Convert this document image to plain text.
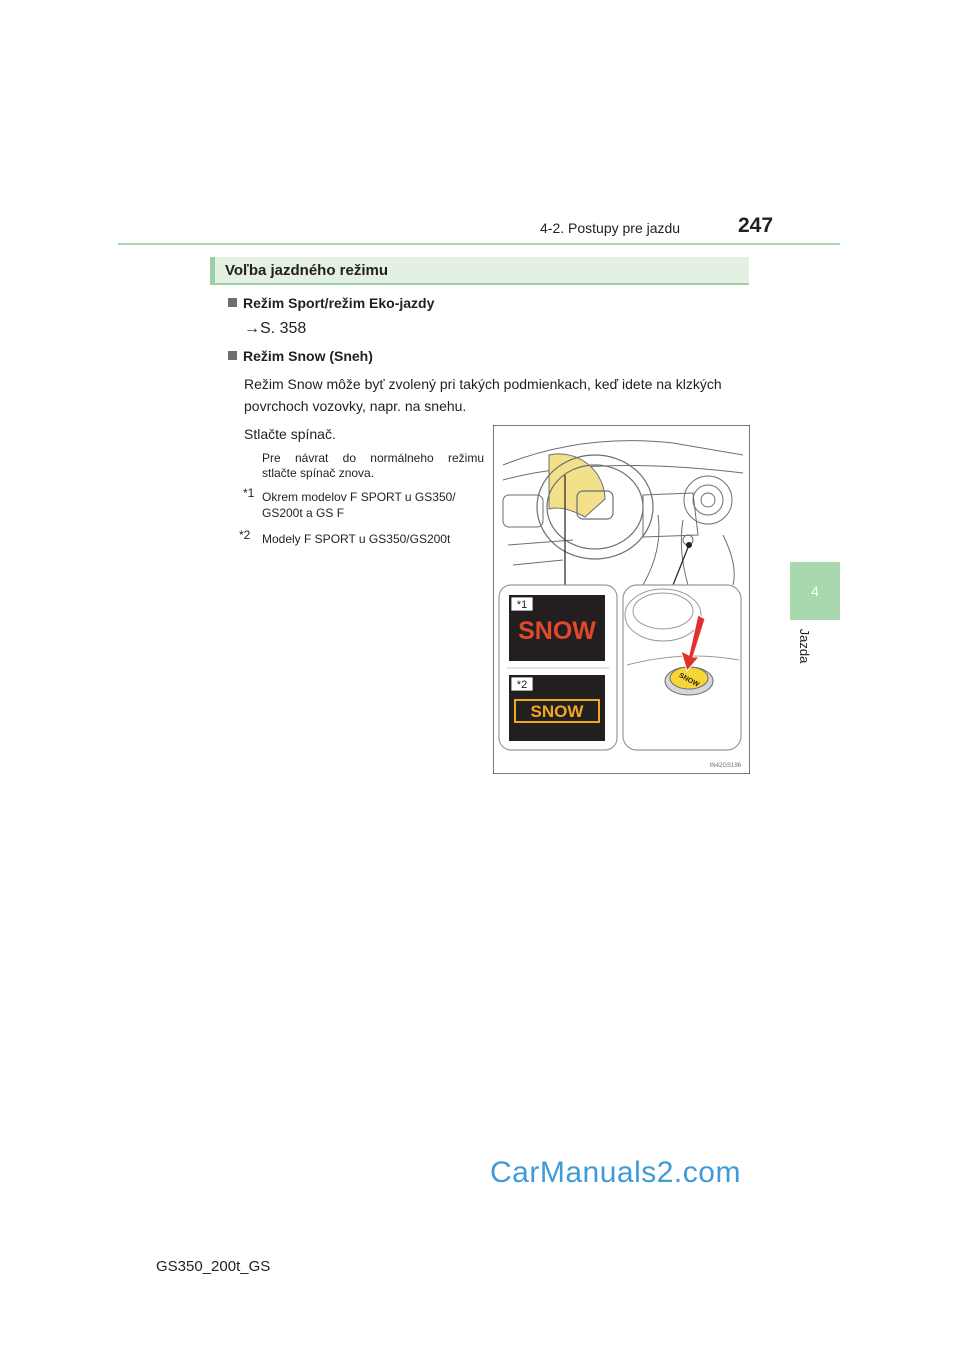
4-2. Postupy pre jazdu	247
4
Jazda
Voľba jazdného režimu
Režim Sport/režim Eko-jazdy
→S. 358
Režim Snow (Sneh)
Režim Snow môže byť zvolený pri takých podmienkach, keď idete na klzkých
povrchoch vozovky, napr. na snehu.
Stlačte spínač.
Pre návrat do normálneho režimu
stlačte spínač znova.
*1 Okrem modelov F SPORT u GS350/
GS200t a GS F
*2 Modely F SPORT u GS350/GS200t
*1
SNOW
*2
SNOW
SNOW
IN42GS196
GS350_200t_GS
CarManuals2.com
